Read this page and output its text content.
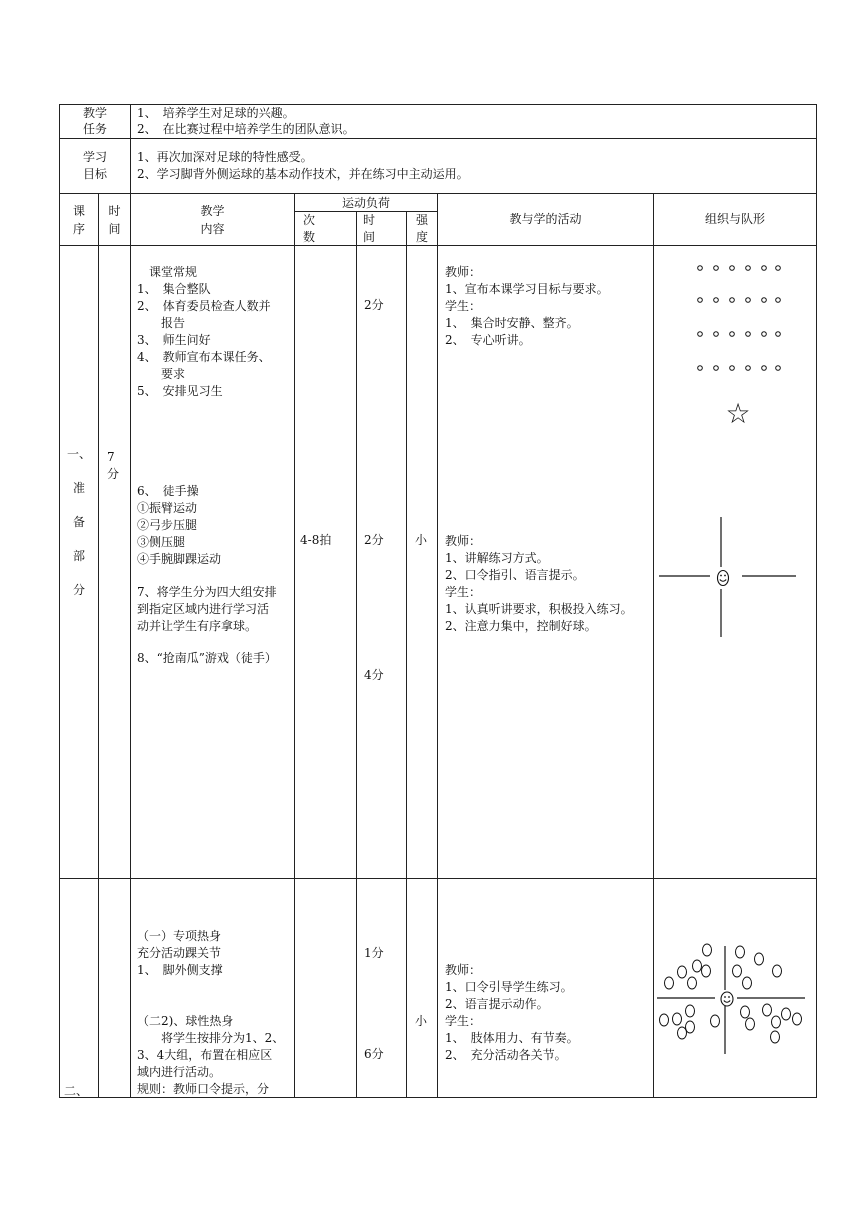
教学
任务
1、　培养学生对足球的兴趣。
2、　在比赛过程中培养学生的团队意识。
学习
目标
1、再次加深对足球的特性感受。
2、学习脚背外侧运球的基本动作技术，并在练习中主动运用。
课
序
时
间
教学
内容
运动负荷
次
数
时
间
强
度
教与学的活动	组织与队形
一、
准
备
部
分
7
分
　课堂常规
1、　集合整队
2、　体育委员检查人数并
　　报告
3、　师生问好
4、　教师宣布本课任务、
　　要求
5、　安排见习生
6、　徒手操
①振臂运动
②弓步压腿
③侧压腿
④手腕脚踝运动
7、将学生分为四大组安排
到指定区域内进行学习活
动并让学生有序拿球。
8、“抢南瓜”游戏（徒手）
4-8拍
2分
2分
4分
小
教师：
1、宣布本课学习目标与要求。
学生：
1、　集合时安静、整齐。
2、　专心听讲。
教师：
1、讲解练习方式。
2、口令指引、语言提示。
学生：
1、认真听讲要求，积极投入练习。
2、注意力集中，控制好球。
☆
二、
（一）专项热身
充分活动踝关节
1、　脚外侧支撑
（二2)、球性热身
　　将学生按排分为1、2、
3、4大组，布置在相应区
域内进行活动。
规则：教师口令提示，分
1分
6分
小
教师：
1、口令引导学生练习。
2、语言提示动作。
学生：
1、　肢体用力、有节奏。
2、　充分活动各关节。
